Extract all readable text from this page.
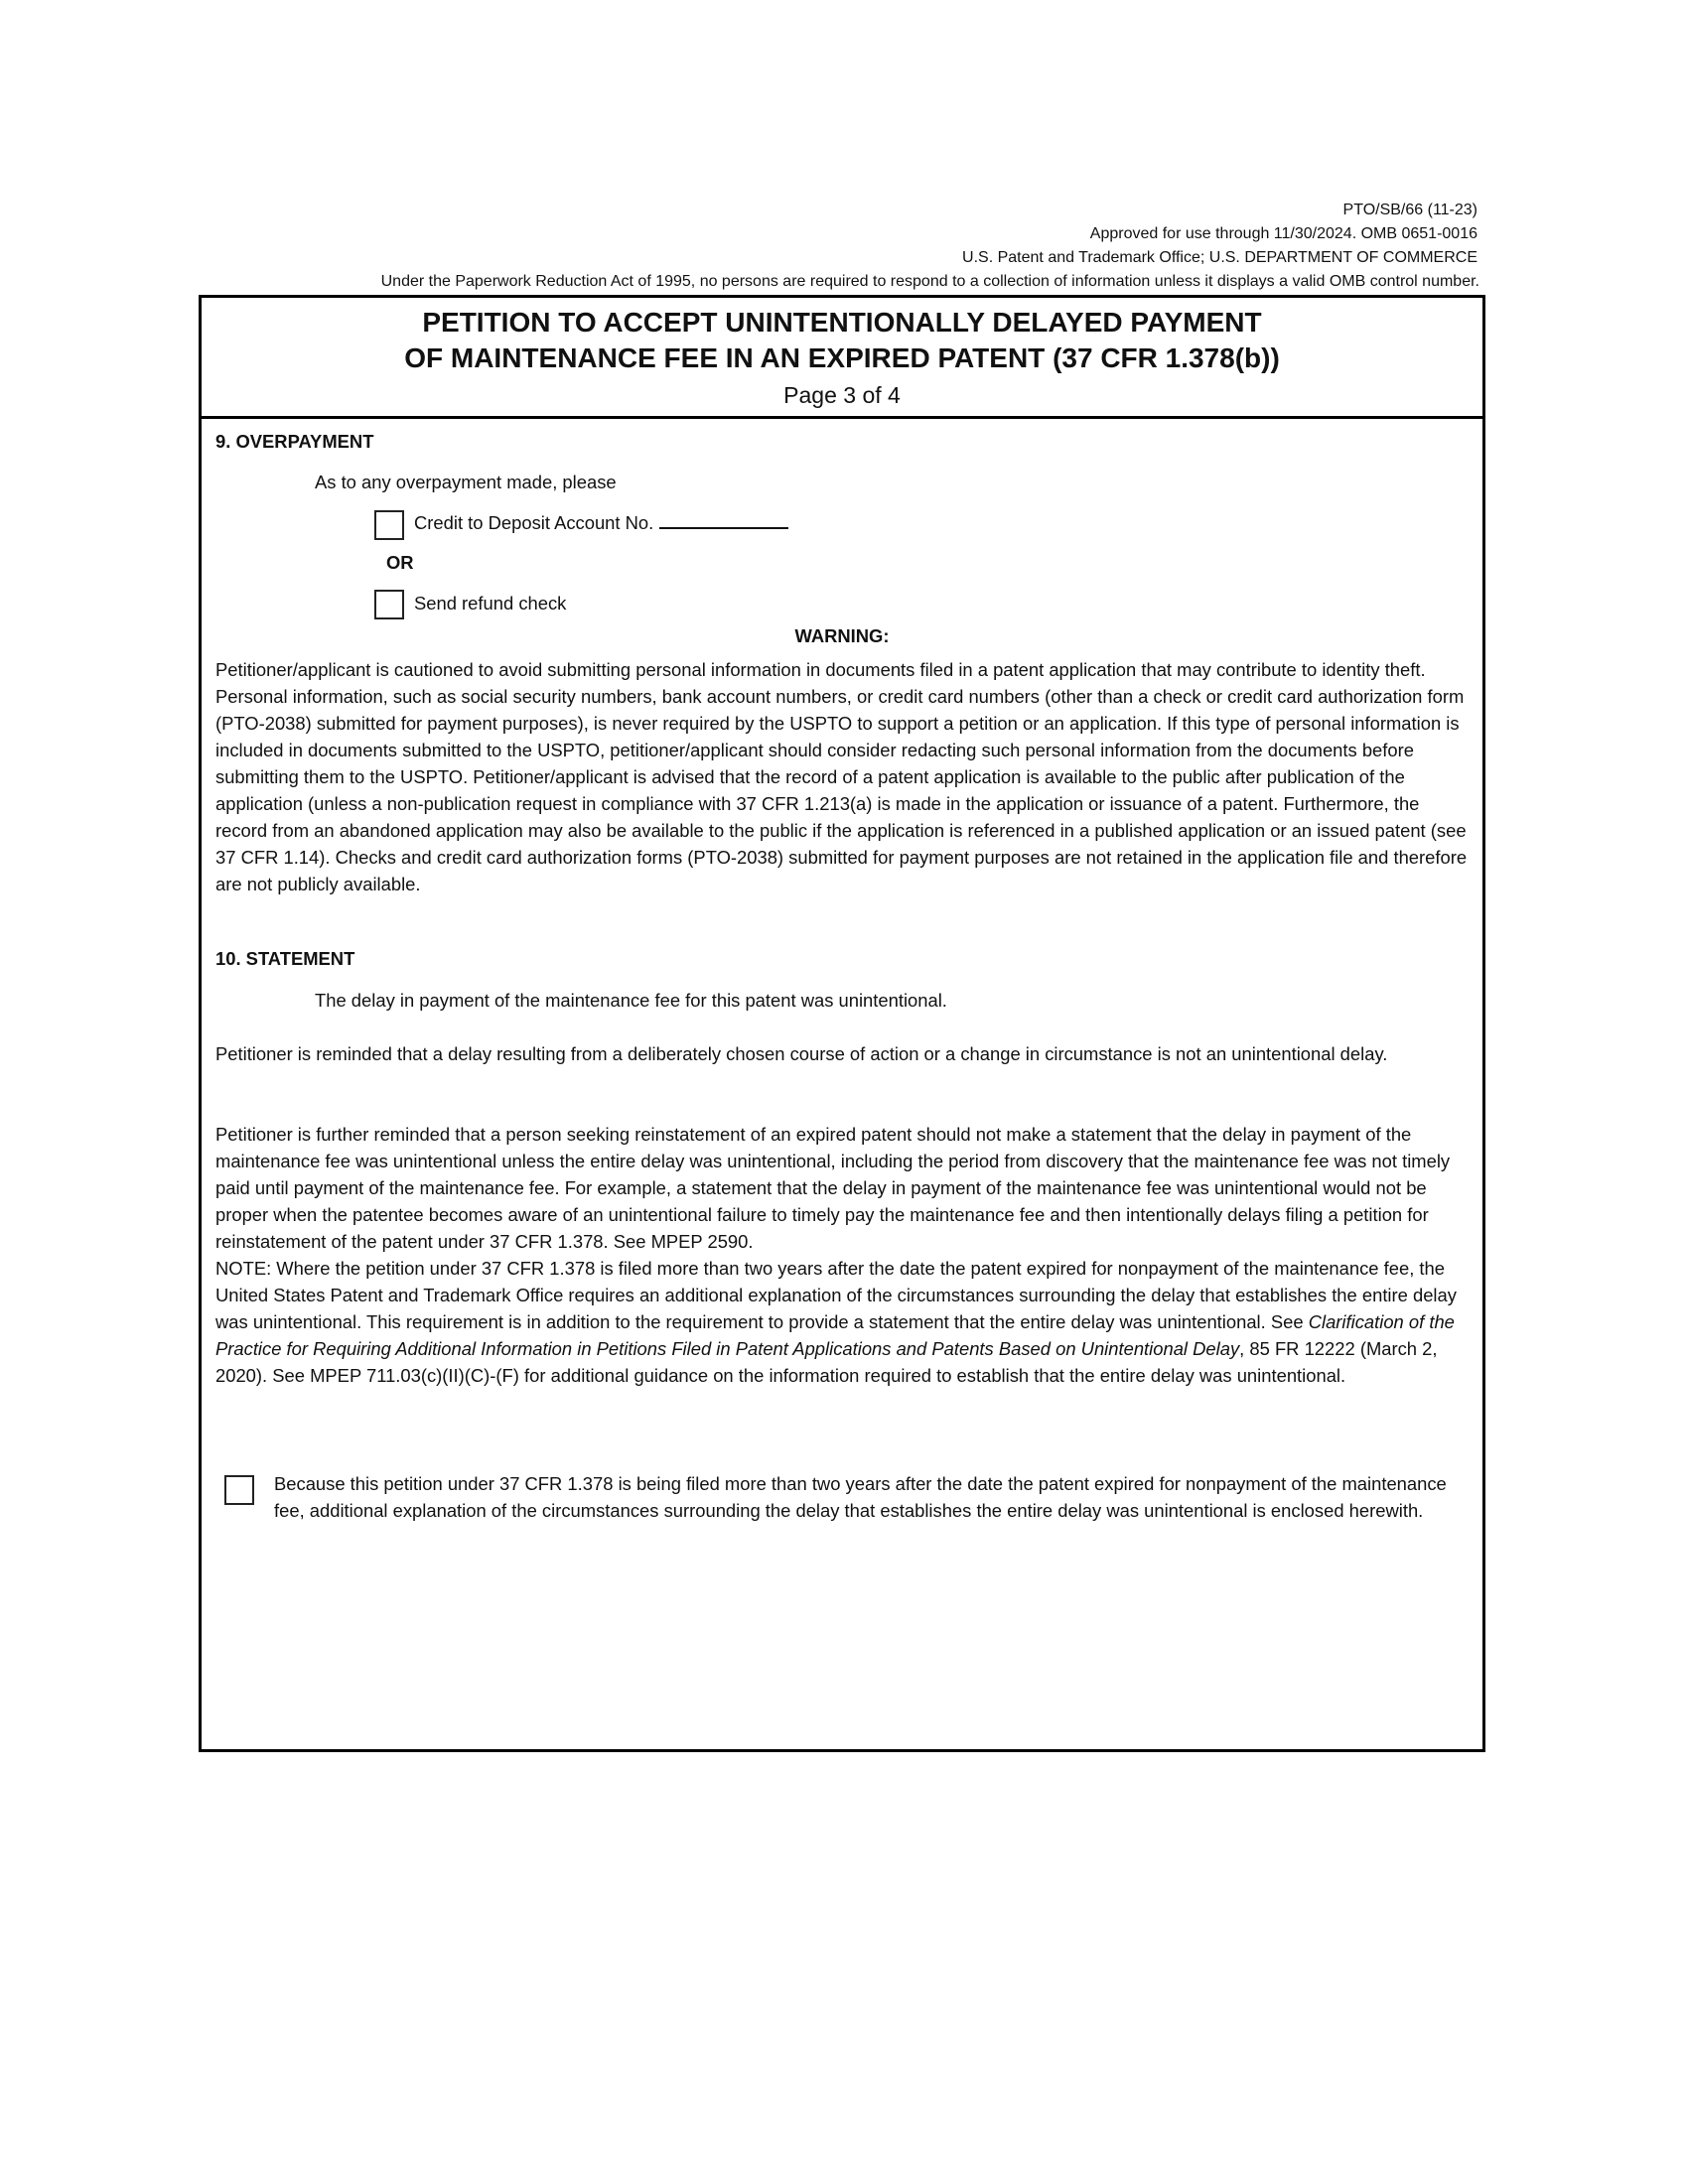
PTO/SB/66 (11-23)
Approved for use through 11/30/2024. OMB 0651-0016
U.S. Patent and Trademark Office; U.S. DEPARTMENT OF COMMERCE
Under the Paperwork Reduction Act of 1995, no persons are required to respond to a collection of information unless it displays a valid OMB control number.
PETITION TO ACCEPT UNINTENTIONALLY DELAYED PAYMENT
OF MAINTENANCE FEE IN AN EXPIRED PATENT (37 CFR 1.378(b))
Page 3 of 4
9. OVERPAYMENT
As to any overpayment made, please
Credit to Deposit Account No.
OR
Send refund check
WARNING:
Petitioner/applicant is cautioned to avoid submitting personal information in documents filed in a patent application that may contribute to identity theft. Personal information, such as social security numbers, bank account numbers, or credit card numbers (other than a check or credit card authorization form (PTO-2038) submitted for payment purposes), is never required by the USPTO to support a petition or an application. If this type of personal information is included in documents submitted to the USPTO, petitioner/applicant should consider redacting such personal information from the documents before submitting them to the USPTO. Petitioner/applicant is advised that the record of a patent application is available to the public after publication of the application (unless a non-publication request in compliance with 37 CFR 1.213(a) is made in the application or issuance of a patent. Furthermore, the record from an abandoned application may also be available to the public if the application is referenced in a published application or an issued patent (see 37 CFR 1.14). Checks and credit card authorization forms (PTO-2038) submitted for payment purposes are not retained in the application file and therefore are not publicly available.
10. STATEMENT
The delay in payment of the maintenance fee for this patent was unintentional.
Petitioner is reminded that a delay resulting from a deliberately chosen course of action or a change in circumstance is not an unintentional delay.
Petitioner is further reminded that a person seeking reinstatement of an expired patent should not make a statement that the delay in payment of the maintenance fee was unintentional unless the entire delay was unintentional, including the period from discovery that the maintenance fee was not timely paid until payment of the maintenance fee. For example, a statement that the delay in payment of the maintenance fee was unintentional would not be proper when the patentee becomes aware of an unintentional failure to timely pay the maintenance fee and then intentionally delays filing a petition for reinstatement of the patent under 37 CFR 1.378. See MPEP 2590.
NOTE: Where the petition under 37 CFR 1.378 is filed more than two years after the date the patent expired for nonpayment of the maintenance fee, the United States Patent and Trademark Office requires an additional explanation of the circumstances surrounding the delay that establishes the entire delay was unintentional. This requirement is in addition to the requirement to provide a statement that the entire delay was unintentional. See Clarification of the Practice for Requiring Additional Information in Petitions Filed in Patent Applications and Patents Based on Unintentional Delay, 85 FR 12222 (March 2, 2020). See MPEP 711.03(c)(II)(C)-(F) for additional guidance on the information required to establish that the entire delay was unintentional.
Because this petition under 37 CFR 1.378 is being filed more than two years after the date the patent expired for nonpayment of the maintenance fee, additional explanation of the circumstances surrounding the delay that establishes the entire delay was unintentional is enclosed herewith.
